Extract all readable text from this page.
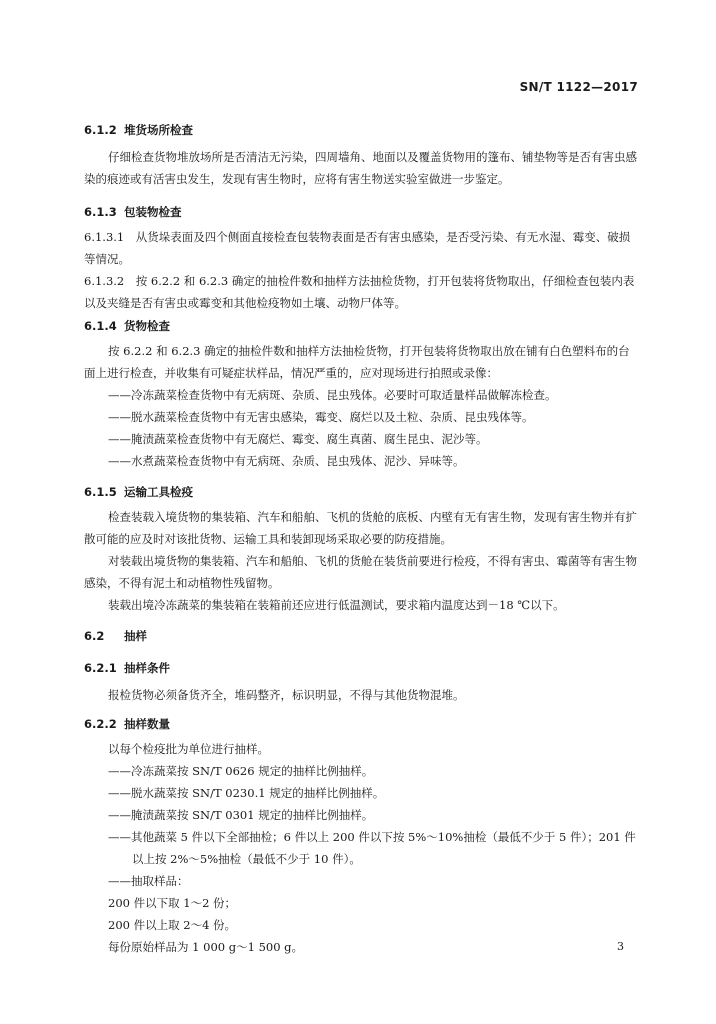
SN/T 1122—2017
6.1.2 堆货场所检查
仔细检查货物堆放场所是否清洁无污染，四周墙角、地面以及覆盖货物用的篷布、铺垫物等是否有害虫感染的痕迹或有活害虫发生，发现有害生物时，应将有害生物送实验室做进一步鉴定。
6.1.3 包装物检查
6.1.3.1　从货垛表面及四个侧面直接检查包装物表面是否有害虫感染，是否受污染、有无水湿、霉变、破损等情况。
6.1.3.2　按 6.2.2 和 6.2.3 确定的抽检件数和抽样方法抽检货物，打开包装将货物取出，仔细检查包装内表以及夹缝是否有害虫或霉变和其他检疫物如土壤、动物尸体等。
6.1.4 货物检查
按 6.2.2 和 6.2.3 确定的抽检件数和抽样方法抽检货物，打开包装将货物取出放在铺有白色塑料布的台面上进行检查，并收集有可疑症状样品，情况严重的，应对现场进行拍照或录像：
——冷冻蔬菜检查货物中有无病斑、杂质、昆虫残体。必要时可取适量样品做解冻检查。
——脱水蔬菜检查货物中有无害虫感染，霉变、腐烂以及土粒、杂质、昆虫残体等。
——腌渍蔬菜检查货物中有无腐烂、霉变、腐生真菌、腐生昆虫、泥沙等。
——水煮蔬菜检查货物中有无病斑、杂质、昆虫残体、泥沙、异味等。
6.1.5 运输工具检疫
检查装载入境货物的集装箱、汽车和船舶、飞机的货舱的底板、内壁有无有害生物，发现有害生物并有扩散可能的应及时对该批货物、运输工具和装卸现场采取必要的防疫措施。
对装载出境货物的集装箱、汽车和船舶、飞机的货舱在装货前要进行检疫，不得有害虫、霉菌等有害生物感染，不得有泥土和动植物性残留物。
装载出境冷冻蔬菜的集装箱在装箱前还应进行低温测试，要求箱内温度达到－18 ℃以下。
6.2 抽样
6.2.1 抽样条件
报检货物必须备货齐全，堆码整齐，标识明显，不得与其他货物混堆。
6.2.2 抽样数量
以每个检疫批为单位进行抽样。
——冷冻蔬菜按 SN/T 0626 规定的抽样比例抽样。
——脱水蔬菜按 SN/T 0230.1 规定的抽样比例抽样。
——腌渍蔬菜按 SN/T 0301 规定的抽样比例抽样。
——其他蔬菜 5 件以下全部抽检；6 件以上 200 件以下按 5%～10%抽检（最低不少于 5 件）；201 件以上按 2%～5%抽检（最低不少于 10 件）。
——抽取样品：
200 件以下取 1～2 份；
200 件以上取 2～4 份。
每份原始样品为 1 000 g～1 500 g。	3
